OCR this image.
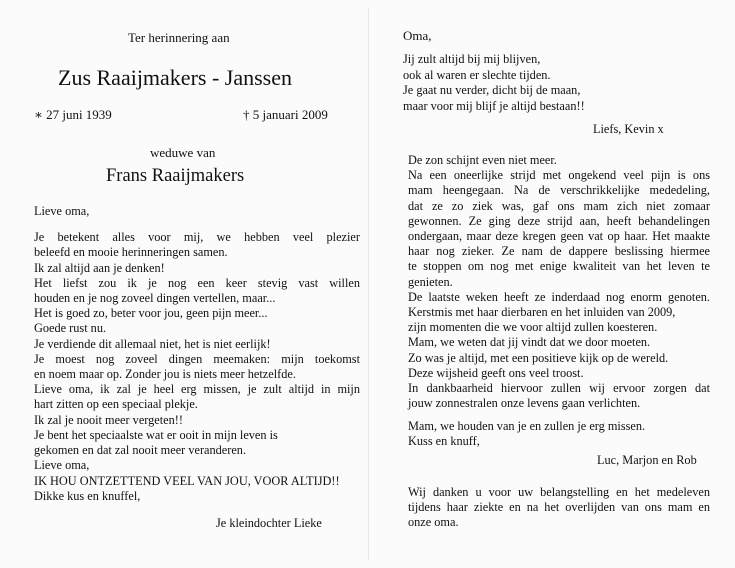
Ter herinnering aan
Zus Raaijmakers - Janssen
∗ 27 juni 1939	† 5 januari 2009
weduwe van
Frans Raaijmakers
Lieve oma,
Je betekent alles voor mij, we hebben veel plezier
beleefd en mooie herinneringen samen.
Ik zal altijd aan je denken!
Het liefst zou ik je nog een keer stevig vast willen
houden en je nog zoveel dingen vertellen, maar...
Het is goed zo, beter voor jou, geen pijn meer...
Goede rust nu.
Je verdiende dit allemaal niet, het is niet eerlijk!
Je moest nog zoveel dingen meemaken: mijn toekomst
en noem maar op. Zonder jou is niets meer hetzelfde.
Lieve oma, ik zal je heel erg missen, je zult altijd in mijn
hart zitten op een speciaal plekje.
Ik zal je nooit meer vergeten!!
Je bent het speciaalste wat er ooit in mijn leven is
gekomen en dat zal nooit meer veranderen.
Lieve oma,
IK HOU ONTZETTEND VEEL VAN JOU, VOOR ALTIJD!!
Dikke kus en knuffel,
Je kleindochter Lieke
Oma,
Jij zult altijd bij mij blijven,
ook al waren er slechte tijden.
Je gaat nu verder, dicht bij de maan,
maar voor mij blijf je altijd bestaan!!
Liefs, Kevin x
De zon schijnt even niet meer.
Na een oneerlijke strijd met ongekend veel pijn is ons
mam heengegaan. Na de verschrikkelijke mededeling,
dat ze zo ziek was, gaf ons mam zich niet zomaar
gewonnen. Ze ging deze strijd aan, heeft behandelingen
ondergaan, maar deze kregen geen vat op haar. Het maakte
haar nog zieker. Ze nam de dappere beslissing hiermee
te stoppen om nog met enige kwaliteit van het leven te
genieten.
De laatste weken heeft ze inderdaad nog enorm genoten.
Kerstmis met haar dierbaren en het inluiden van 2009,
zijn momenten die we voor altijd zullen koesteren.
Mam, we weten dat jij vindt dat we door moeten.
Zo was je altijd, met een positieve kijk op de wereld.
Deze wijsheid geeft ons veel troost.
In dankbaarheid hiervoor zullen wij ervoor zorgen dat
jouw zonnestralen onze levens gaan verlichten.
Mam, we houden van je en zullen je erg missen.
Kuss en knuff,
Luc, Marjon en Rob
Wij danken u voor uw belangstelling en het medeleven
tijdens haar ziekte en na het overlijden van ons mam en
onze oma.
